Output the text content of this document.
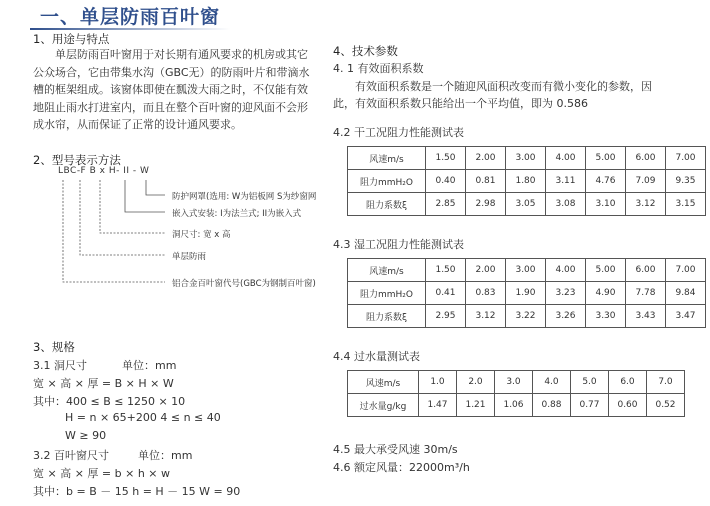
一、单层防雨百叶窗
1、用途与特点
单层防雨百叶窗用于对长期有通风要求的机房或其它公众场合，它由带集水沟（GBC无）的防雨叶片和带滴水槽的框架组成。该窗体即使在瓢泼大雨之时，不仅能有效地阻止雨水打进室内，而且在整个百叶窗的迎风面不会形成水帘，从而保证了正常的设计通风要求。
2、型号表示方法
LBC-F B x H- II - W
防护网罩(选用: W为铝板网 S为纱窗网
嵌入式安装: I为法兰式; II为嵌入式
洞尺寸: 宽 x 高
单层防雨
铝合金百叶窗代号(GBC为钢制百叶窗)
3、规格
3.1 洞尺寸	单位：mm
宽 × 高 × 厚 = B × H × W
其中：400 ≤ B ≤ 1250 × 10
H = n × 65+200 4 ≤ n ≤ 40
W ≥ 90
3.2 百叶窗尺寸	单位：mm
宽 × 高 × 厚 = b × h × w
其中：b = B － 15 h = H － 15 W = 90
4、技术参数
4. 1 有效面积系数
有效面积系数是一个随迎风面积改变而有微小变化的参数，因
此，有效面积系数只能给出一个平均值，即为 0.586
4.2 干工况阻力性能测试表
风速m/s	1.50	2.00	3.00	4.00	5.00	6.00	7.00
阻力mmH₂O	0.40	0.81	1.80	3.11	4.76	7.09	9.35
阻力系数ξ	2.85	2.98	3.05	3.08	3.10	3.12	3.15
4.3 湿工况阻力性能测试表
风速m/s	1.50	2.00	3.00	4.00	5.00	6.00	7.00
阻力mmH₂O	0.41	0.83	1.90	3.23	4.90	7.78	9.84
阻力系数ξ	2.95	3.12	3.22	3.26	3.30	3.43	3.47
4.4 过水量测试表
风速m/s	1.0	2.0	3.0	4.0	5.0	6.0	7.0
过水量g/kg	1.47	1.21	1.06	0.88	0.77	0.60	0.52
4.5 最大承受风速 30m/s
4.6 额定风量：22000m³/h
